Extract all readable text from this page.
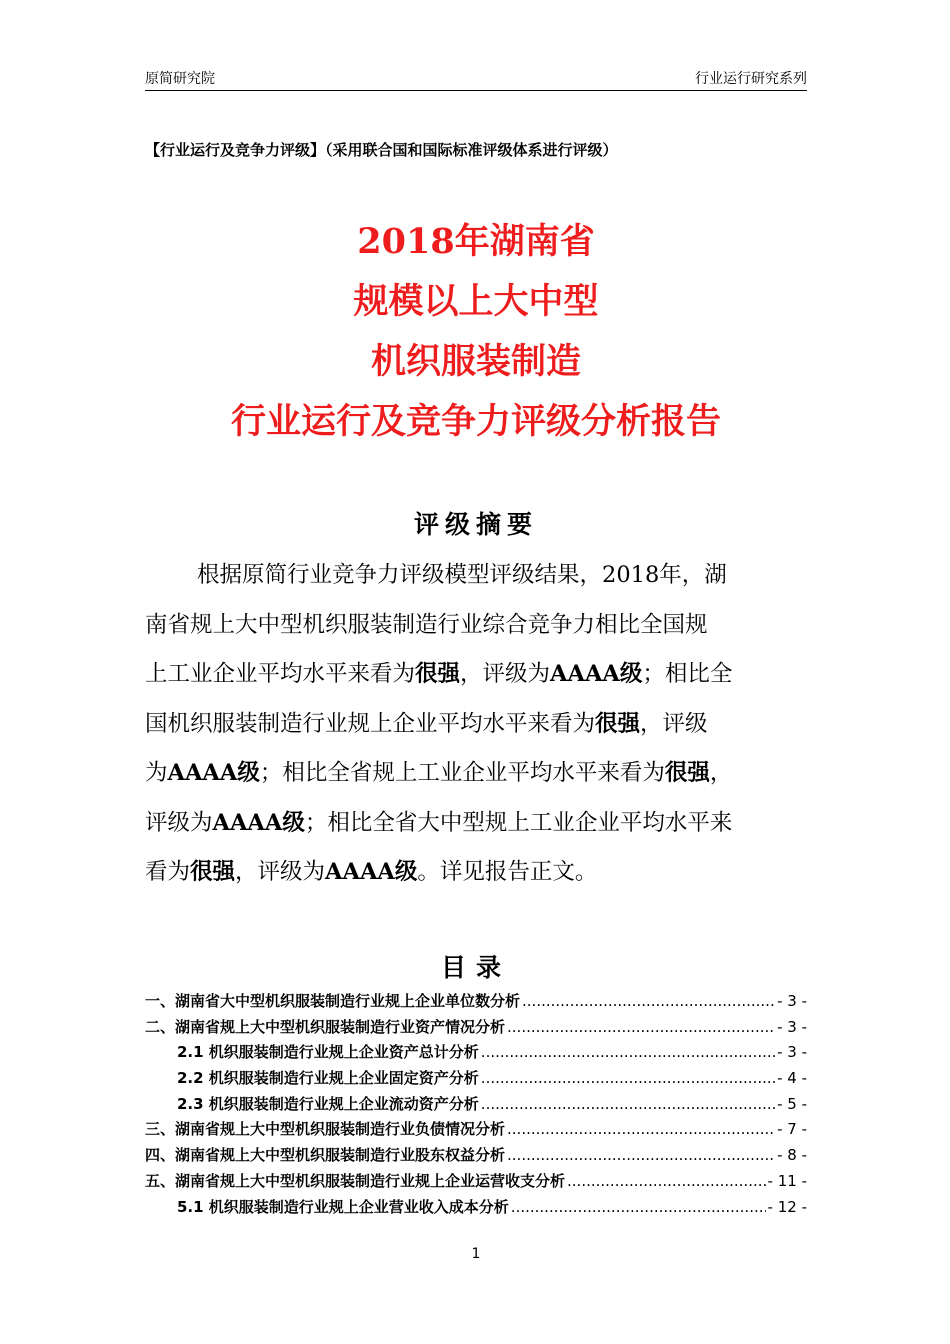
原简研究院	行业运行研究系列
【行业运行及竞争力评级】（采用联合国和国际标准评级体系进行评级）
2018年湖南省
规模以上大中型
机织服装制造
行业运行及竞争力评级分析报告
评级摘要
根据原简行业竞争力评级模型评级结果，2018年，湖
南省规上大中型机织服装制造行业综合竞争力相比全国规
上工业企业平均水平来看为很强，评级为AAAA级；相比全
国机织服装制造行业规上企业平均水平来看为很强，评级
为AAAA级；相比全省规上工业企业平均水平来看为很强，
评级为AAAA级；相比全省大中型规上工业企业平均水平来
看为很强，评级为AAAA级。详见报告正文。
目录
一、湖南省大中型机织服装制造行业规上企业单位数分析 .....	- 3 -
二、湖南省规上大中型机织服装制造行业资产情况分析 .....	- 3 -
2.1 机织服装制造行业规上企业资产总计分析 .....	- 3 -
2.2 机织服装制造行业规上企业固定资产分析 .....	- 4 -
2.3 机织服装制造行业规上企业流动资产分析 .....	- 5 -
三、湖南省规上大中型机织服装制造行业负债情况分析 .....	- 7 -
四、湖南省规上大中型机织服装制造行业股东权益分析 .....	- 8 -
五、湖南省规上大中型机织服装制造行业规上企业运营收支分析 .....	- 11 -
5.1 机织服装制造行业规上企业营业收入成本分析 .....	- 12 -
1
